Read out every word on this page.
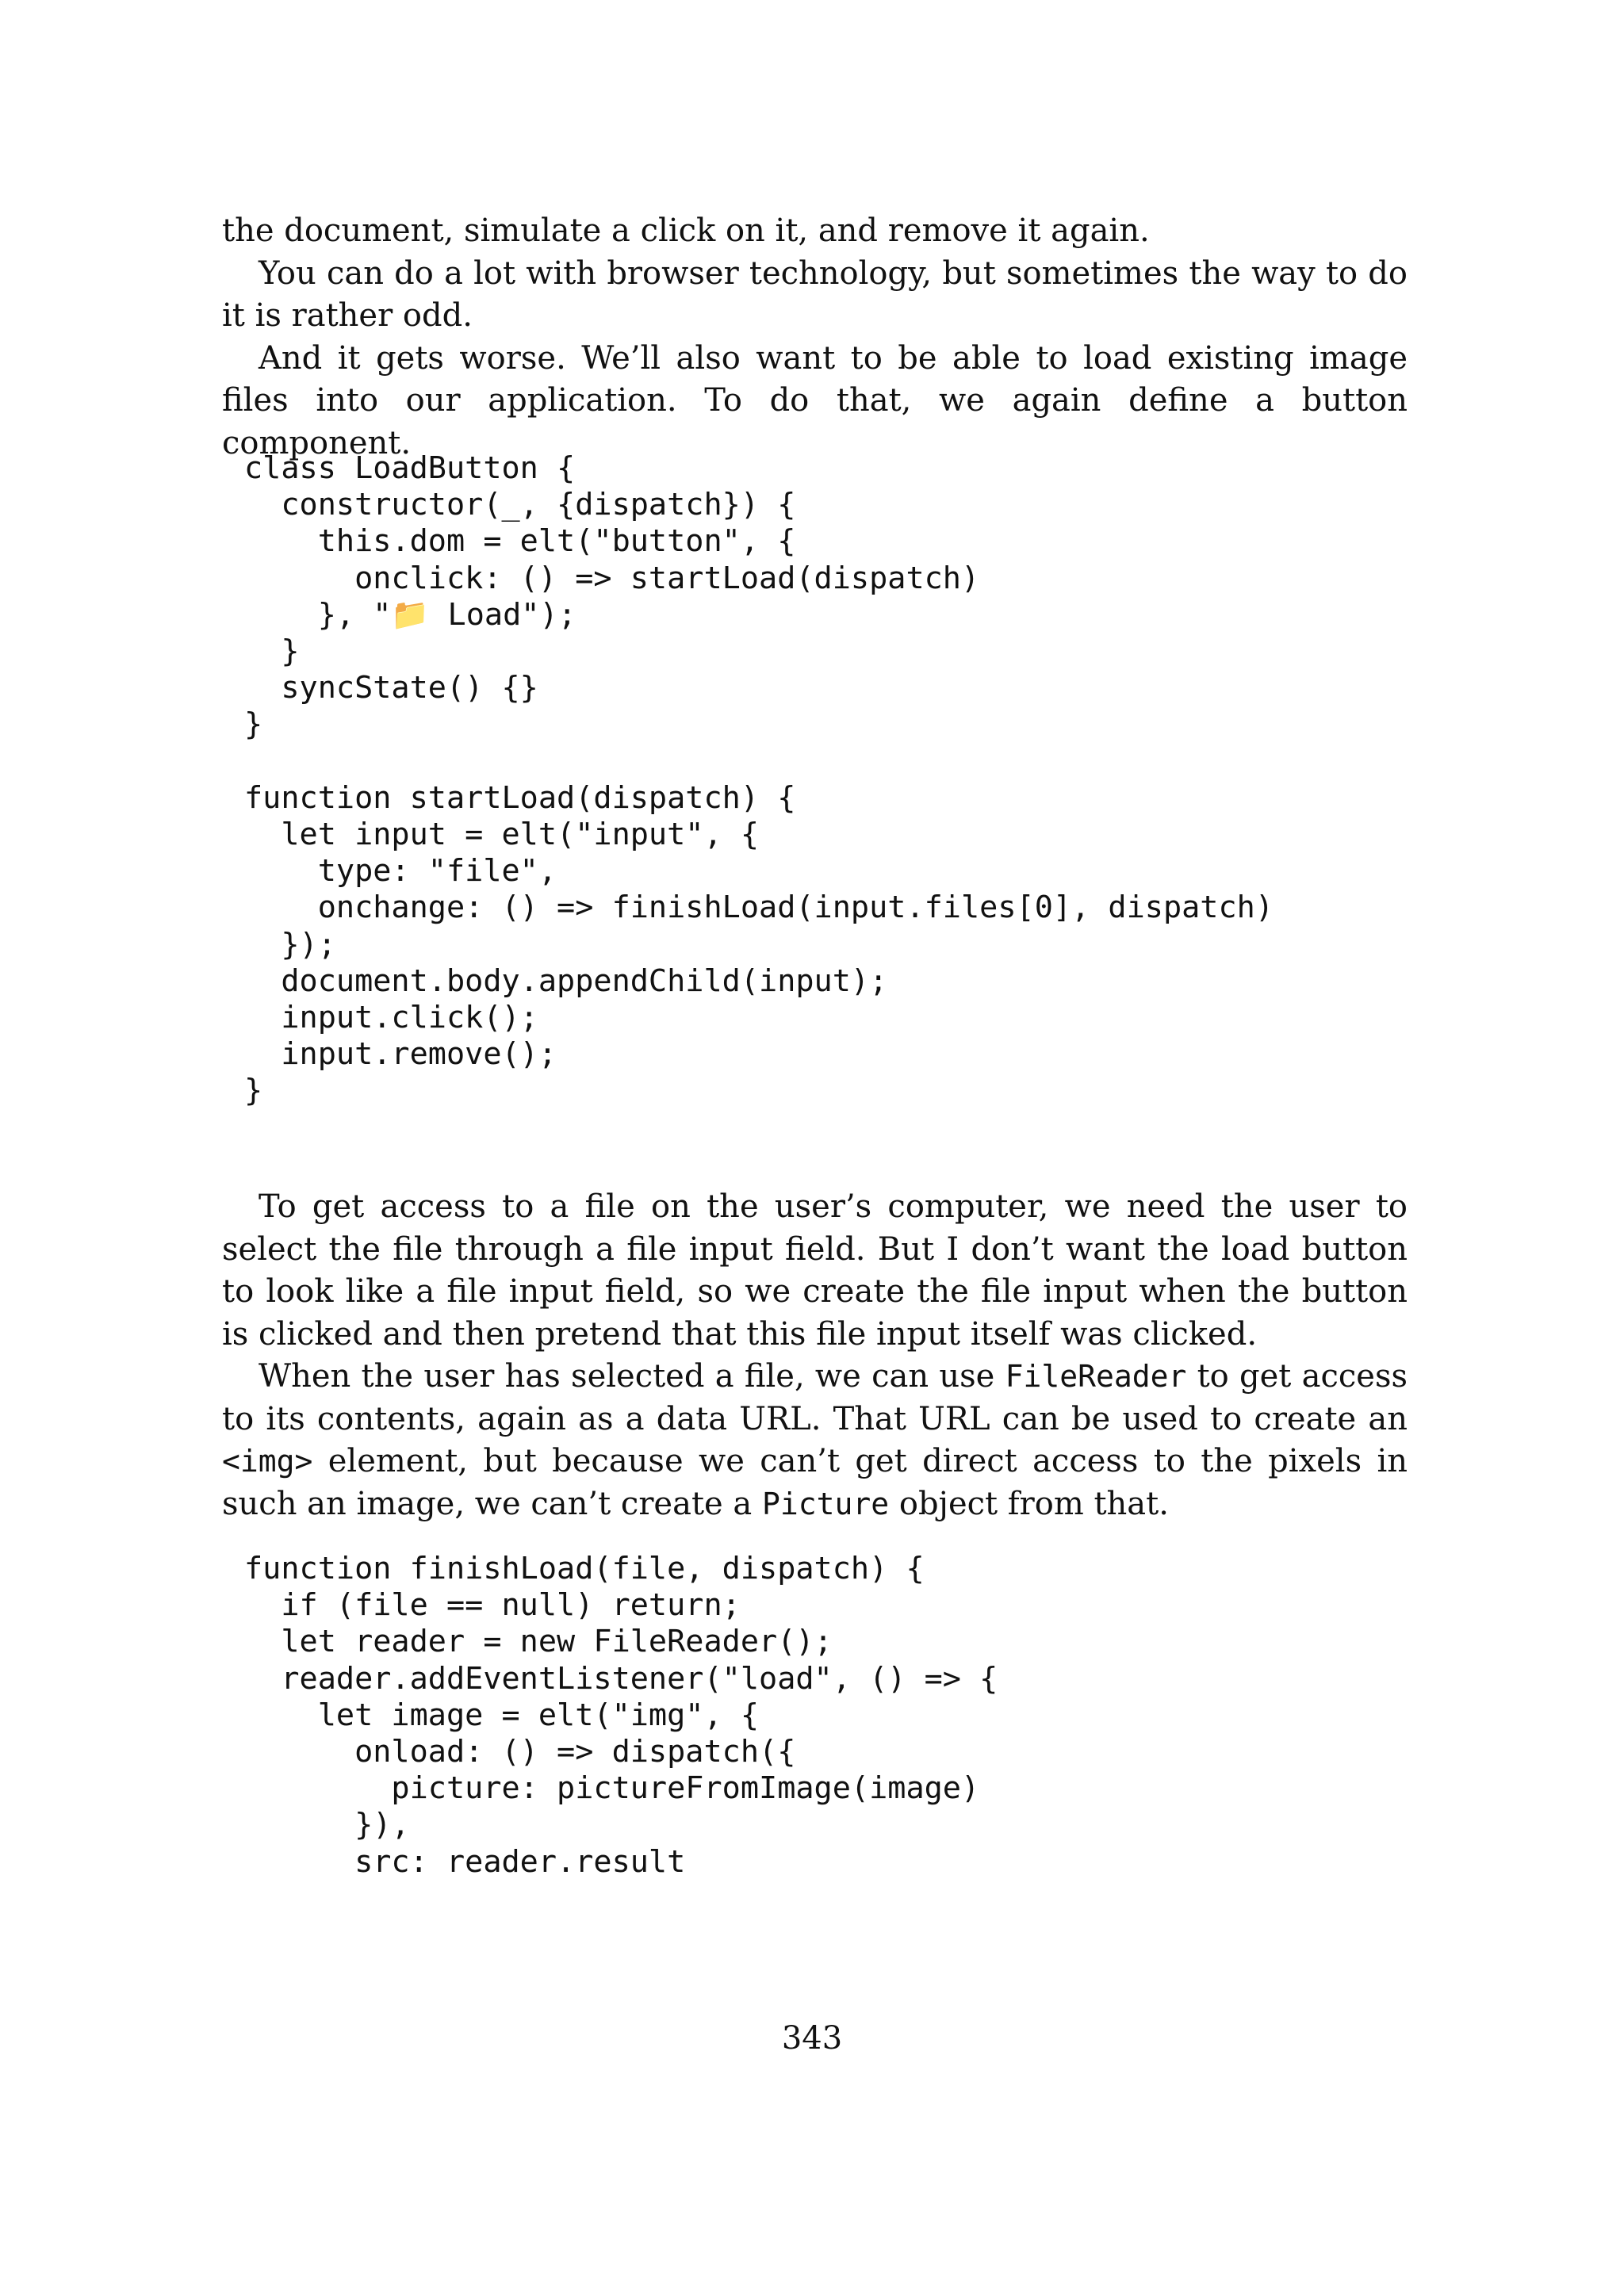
the document, simulate a click on it, and remove it again.

You can do a lot with browser technology, but sometimes the way to do it is rather odd.

And it gets worse. We’ll also want to be able to load existing image files into our application. To do that, we again define a button component.

class LoadButton {
constructor(_, {dispatch}) {
this.dom = elt("button", {
onclick: () => startLoad(dispatch)
}, "📁 Load");
}
syncState() {}
}

function startLoad(dispatch) {
let input = elt("input", {
type: "file",
onchange: () => finishLoad(input.files[0], dispatch)
});
document.body.appendChild(input);
input.click();
input.remove();
}

To get access to a file on the user’s computer, we need the user to select the file through a file input field. But I don’t want the load button to look like a file input field, so we create the file input when the button is clicked and then pretend that this file input itself was clicked.

When the user has selected a file, we can use FileReader to get access to its contents, again as a data URL. That URL can be used to create an <img> element, but because we can’t get direct access to the pixels in such an image, we can’t create a Picture object from that.

function finishLoad(file, dispatch) {
if (file == null) return;
let reader = new FileReader();
reader.addEventListener("load", () => {
let image = elt("img", {
onload: () => dispatch({
picture: pictureFromImage(image)
}),
src: reader.result
343
